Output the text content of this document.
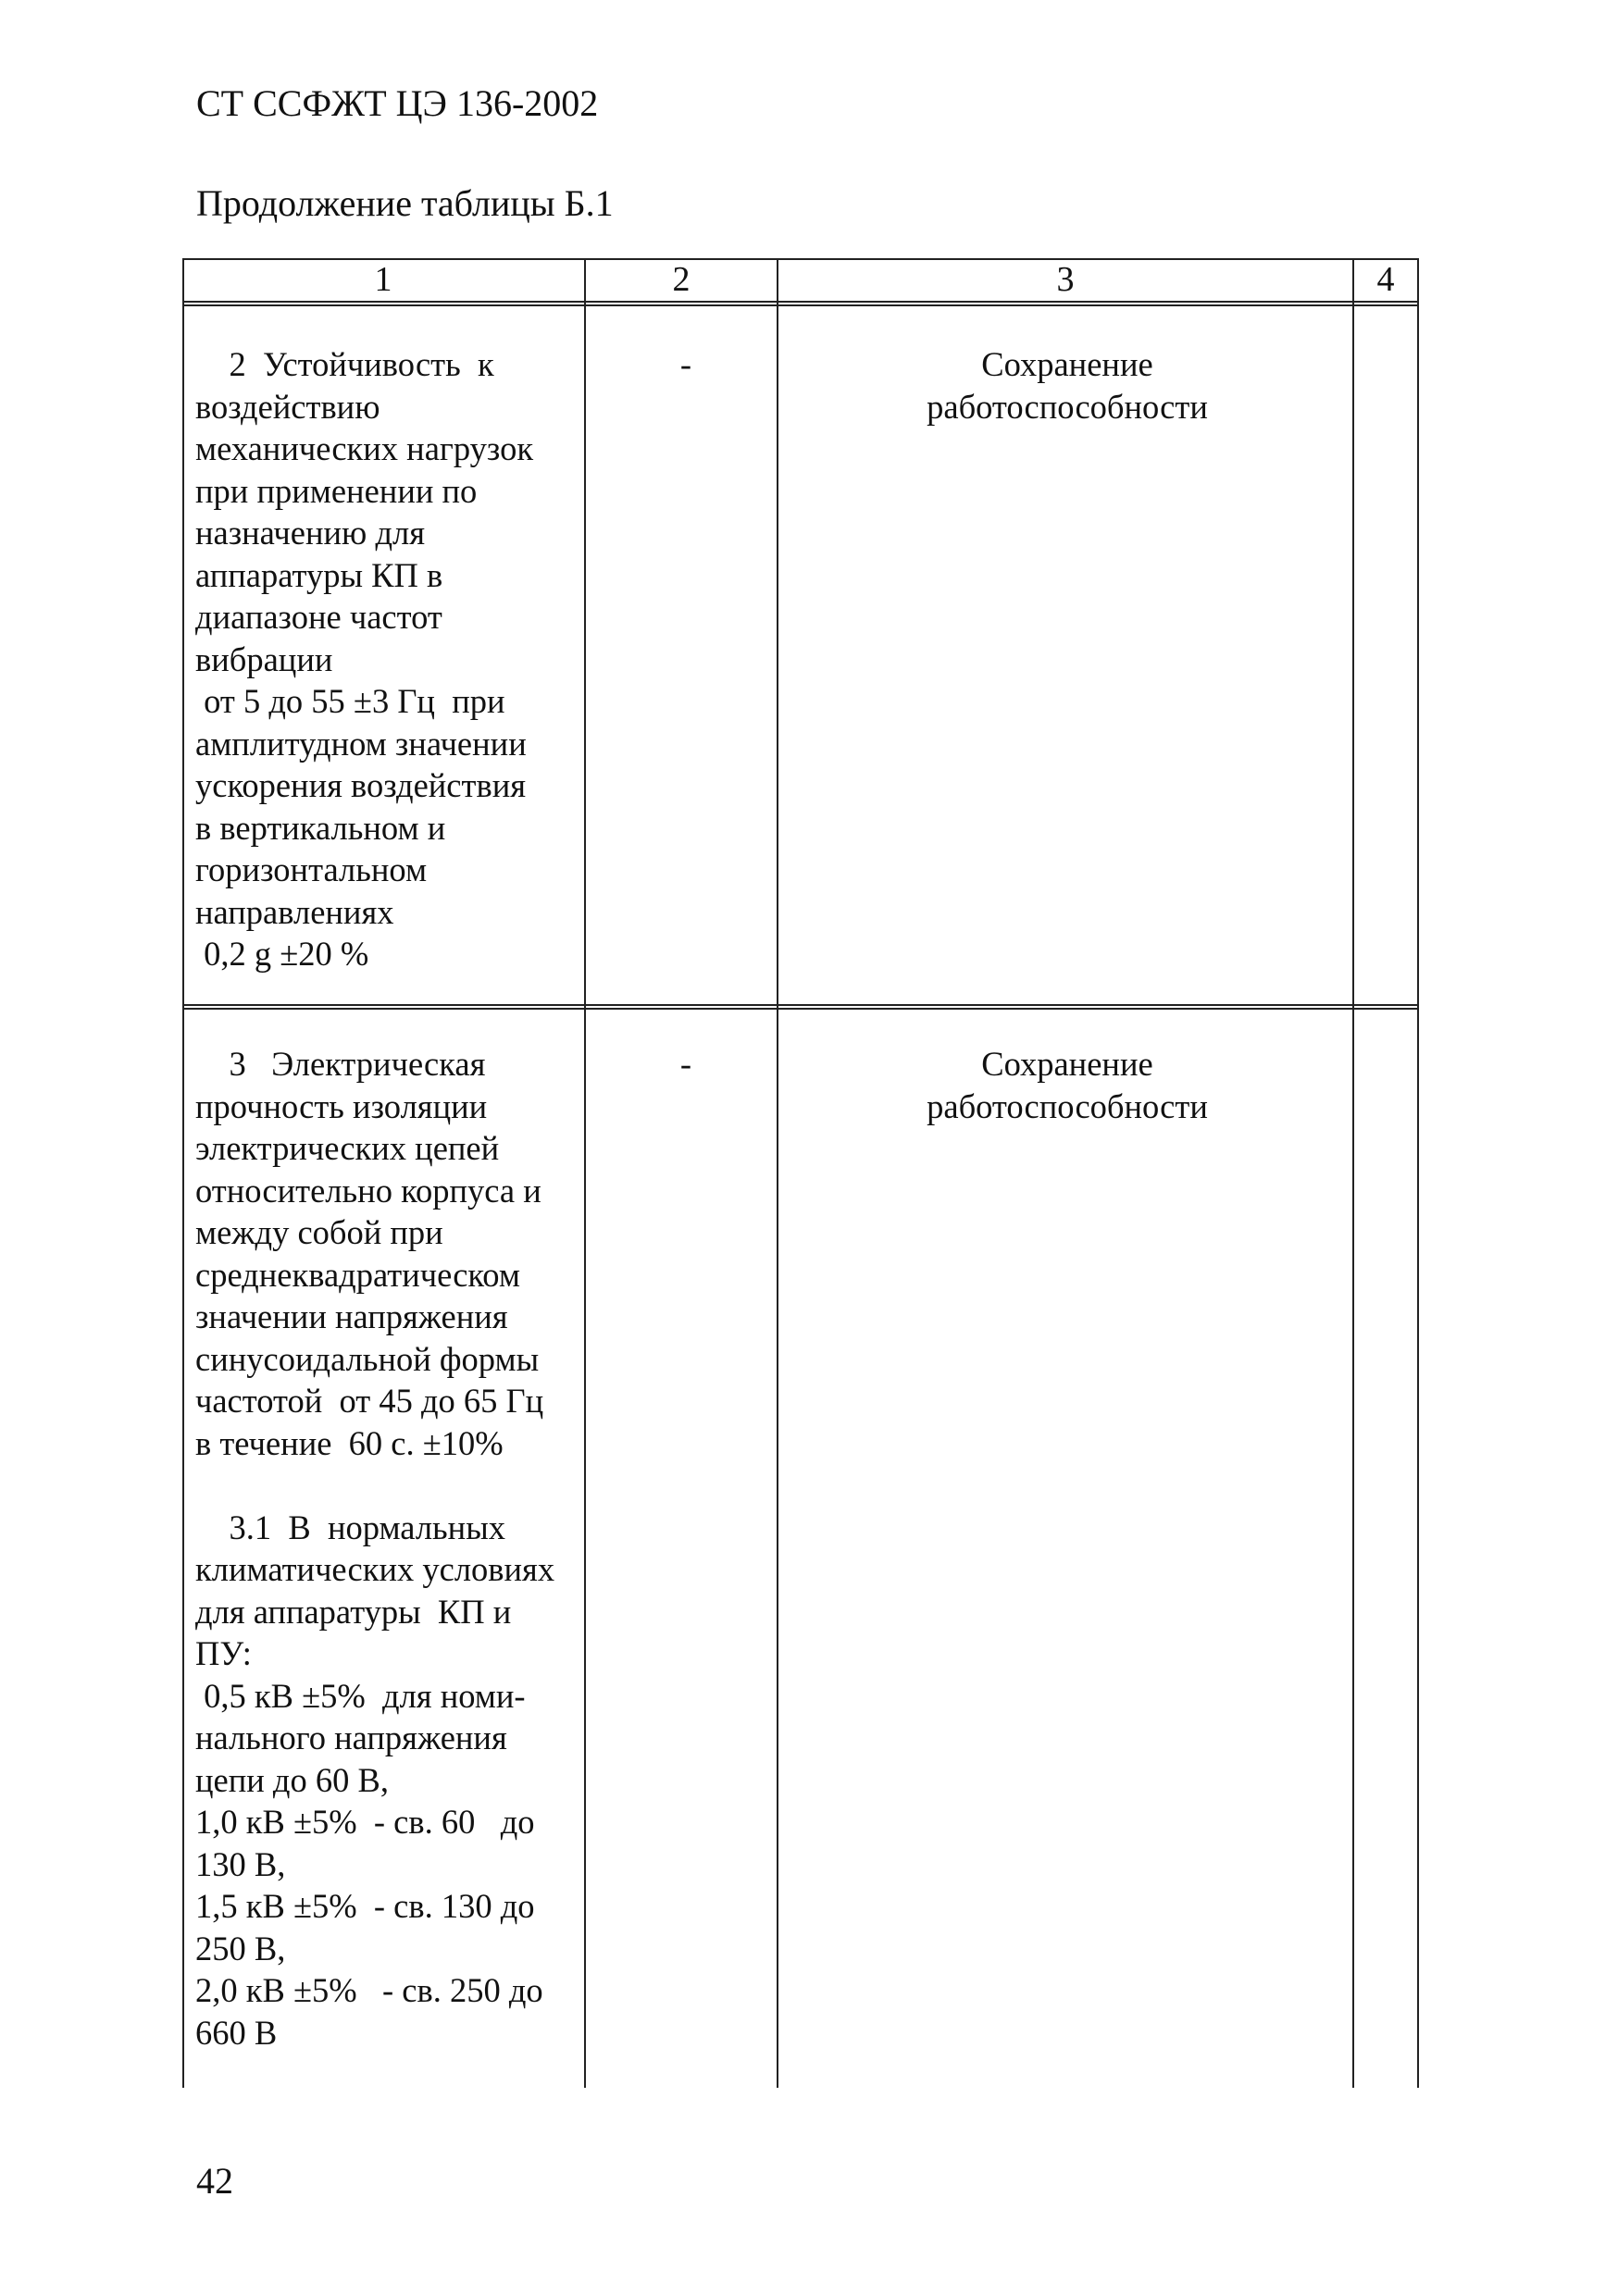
СТ ССФЖТ ЦЭ 136-2002
Продолжение таблицы Б.1
1	2	3	4
2  Устойчивость  к
воздействию
механических нагрузок
при применении по
назначению для
аппаратуры КП в
диапазоне частот
вибрации
от 5 до 55 ±3 Гц  при
амплитудном значении
ускорения воздействия
в вертикальном и
горизонтальном
направлениях
0,2 g ±20 %
-	Сохранение
работоспособности
3   Электрическая
прочность изоляции
электрических цепей
относительно корпуса и
между собой при
среднеквадратическом
значении напряжения
синусоидальной формы
частотой  от 45 до 65 Гц
в течение  60 с. ±10%

3.1  В  нормальных
климатических условиях
для аппаратуры  КП и
ПУ:
0,5 кВ ±5%  для номи-
нального напряжения
цепи до 60 В,
1,0 кВ ±5%  - св. 60   до
130 В,
1,5 кВ ±5%  - св. 130 до
250 В,
2,0 кВ ±5%   - св. 250 до
660 В
-	Сохранение
работоспособности
42
